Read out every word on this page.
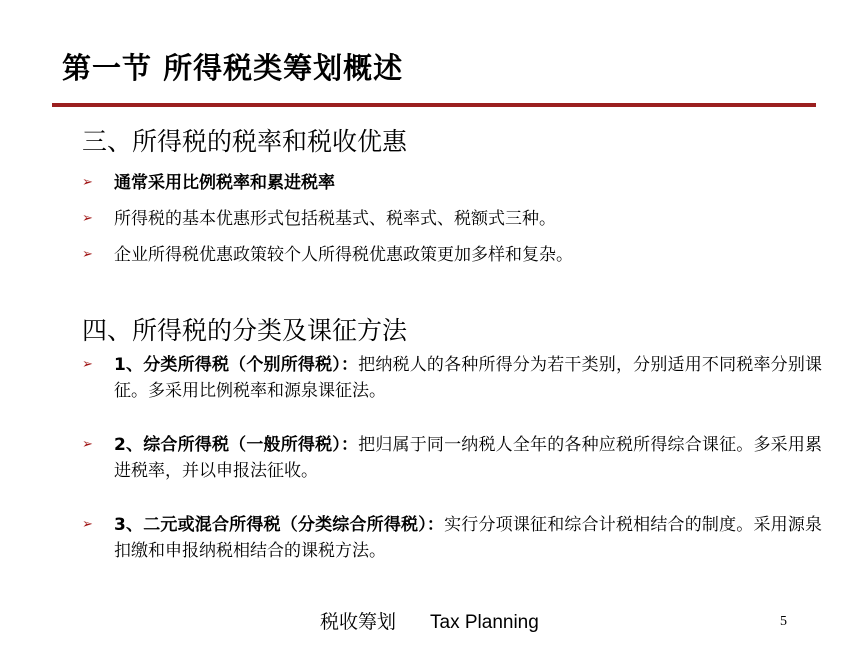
第一节 所得税类筹划概述
三、所得税的税率和税收优惠
➢ 通常采用比例税率和累进税率
➢ 所得税的基本优惠形式包括税基式、税率式、税额式三种。
➢ 企业所得税优惠政策较个人所得税优惠政策更加多样和复杂。
四、所得税的分类及课征方法
➢ 1、分类所得税（个别所得税）：把纳税人的各种所得分为若干类别，分别适用不同税率分别课征。多采用比例税率和源泉课征法。
➢ 2、综合所得税（一般所得税）：把归属于同一纳税人全年的各种应税所得综合课征。多采用累进税率，并以申报法征收。
➢ 3、二元或混合所得税（分类综合所得税）：实行分项课征和综合计税相结合的制度。采用源泉扣缴和申报纳税相结合的课税方法。
税收筹划 Tax Planning	5
